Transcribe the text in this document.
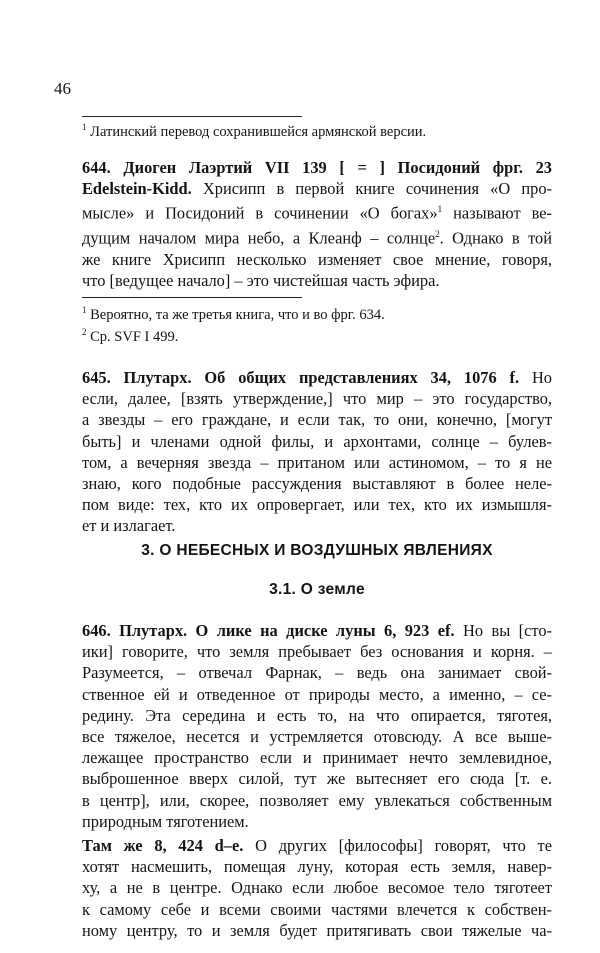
46
$^1$ Латинский перевод сохранившейся армянской версии.
644. Диоген Лаэртий VII 139 [ = ] Посидоний фрг. 23
Edelstein-Kidd. Хрисипп в первой книге сочинения «О про-
мысле» и Посидоний в сочинении «О богах»$^1$ называют ве-
дущим началом мира небо, а Клеанф – солнце$^2$. Однако в той
же книге Хрисипп несколько изменяет свое мнение, говоря,
что [ведущее начало] – это чистейшая часть эфира.
$^1$ Вероятно, та же третья книга, что и во фрг. 634.
$^2$ Ср. SVF I 499.
645. Плутарх. Об общих представлениях 34, 1076 f. Но
если, далее, [взять утверждение,] что мир – это государство,
а звезды – его граждане, и если так, то они, конечно, [могут
быть] и членами одной филы, и архонтами, солнце – булев-
том, а вечерняя звезда – пританом или астиномом, – то я не
знаю, кого подобные рассуждения выставляют в более неле-
пом виде: тех, кто их опровергает, или тех, кто их измышля-
ет и излагает.
3. О НЕБЕСНЫХ И ВОЗДУШНЫХ ЯВЛЕНИЯХ
3.1. О земле
646. Плутарх. О лике на диске луны 6, 923 ef. Но вы [сто-
ики] говорите, что земля пребывает без основания и корня. –
Разумеется, – отвечал Фарнак, – ведь она занимает свой-
ственное ей и отведенное от природы место, а именно, – се-
редину. Эта середина и есть то, на что опирается, тяготея,
все тяжелое, несется и устремляется отовсюду. А все выше-
лежащее пространство если и принимает нечто землевидное,
выброшенное вверх силой, тут же вытесняет его сюда [т. е.
в центр], или, скорее, позволяет ему увлекаться собственным
природным тяготением.
Там же 8, 424 d–e. О других [философы] говорят, что те
хотят насмешить, помещая луну, которая есть земля, навер-
ху, а не в центре. Однако если любое весомое тело тяготеет
к самому себе и всеми своими частями влечется к собствен-
ному центру, то и земля будет притягивать свои тяжелые ча-
